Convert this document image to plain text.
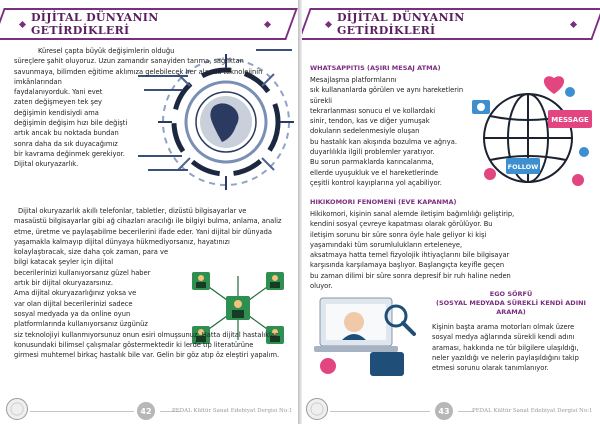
DİJİTAL DÜNYANIN GETİRDİKLERİ
Küresel çapta büyük değişimlerin olduğu
süreçlere şahit oluyoruz. Uzun zamandır sanayiden tarıma, sağlıktan
savunmaya, bilimden eğitime aklımıza gelebilecek her alanda teknolojinin
imkânlarından
faydalanıyorduk. Yani evet
zaten değişmeyen tek şey
değişimin kendisiydi ama
değişimin değişim hızı bile değişti
artık ancak bu noktada bundan
sonra daha da sık duyacağımız
bir kavrama değinmek gerekiyor.
Dijital okuryazarlık.
Dijital okuryazarlık akıllı telefonlar, tabletler, dizüstü bilgisayarlar ve
masaüstü bilgisayarlar gibi ağ cihazları aracılığı ile bilgiyi bulma, anlama, analiz
etme, üretme ve paylaşabilme becerilerini ifade eder. Yani dijital bir dünyada
yaşamakla kalmayıp dijital dünyaya hükmediyorsanız, hayatınızı
kolaylaştıracak, size daha çok zaman, para ve
bilgi katacak şeyler için dijital
becerilerinizi kullanıyorsanız güzel haber
artık bir dijital okuryazarsınız.
Ama dijital okuryazarlığınız yoksa ve
var olan dijital becerilerinizi sadece
sosyal medyada ya da online oyun
platformlarında kullanıyorsanız üzgünüz
siz teknolojiyi kullanmıyorsunuz onun esiri olmuşsunuz. Hatta dijital hastalıklar
konusundaki bilimsel çalışmalar göstermektedir ki lerde tıp literatürüne
girmesi muhtemel birkaç hastalık bile var. Gelin bir göz atıp öz eleştiri yapalım.
42	PEDAL Kültür Sanat Edebiyat Dergisi No:1
DİJİTAL DÜNYANIN GETİRDİKLERİ
MESSAGE
FOLLOW
WHATSAPPITIS (AŞIRI MESAJ ATMA)
Mesajlaşma platformlarını
sık kullananlarda görülen ve aynı hareketlerin sürekli
tekrarlanması sonucu el ve kollardaki
sinir, tendon, kas ve diğer yumuşak
dokuların sedelenmesiyle oluşan
bu hastalık kan akışında bozulma ve ağrıya.
duyarlılıkla ilgili problemler yaratıyor.
Bu sorun parmaklarda karıncalanma,
ellerde uyuşukluk ve el hareketlerinde
çeşitli kontrol kayıplarına yol açabiliyor.
HIKIKOMORI FENOMENİ (EVE KAPANMA)
Hikikomori, kişinin sanal alemde iletişim bağımlılığı geliştirip,
kendini sosyal çevreye kapatması olarak görülüyor. Bu
iletişim sorunu bir süre sonra öyle hale geliyor ki kişi
yaşamındaki tüm sorumlulukların erteleneye,
aksatmaya hatta temel fizyolojik ihtiyaçlarını bile bilgisayar
karşısında karşılamaya başlıyor. Başlangıçta keyifle geçen
bu zaman dilimi bir süre sonra depresif bir ruh haline neden
oluyor.
EGO SÖRFÜ
(SOSYAL MEDYADA SÜREKLİ KENDİ ADINI
ARAMA)
Kişinin başta arama motorları olmak üzere
sosyal medya ağlarında sürekli kendi adını
araması, hakkında ne tür bilgilere ulaşıldığı,
neler yazıldığı ve nelerin paylaşıldığını takip
etmesi sorunu olarak tanımlanıyor.
43	PEDAL Kültür Sanat Edebiyat Dergisi No:1
